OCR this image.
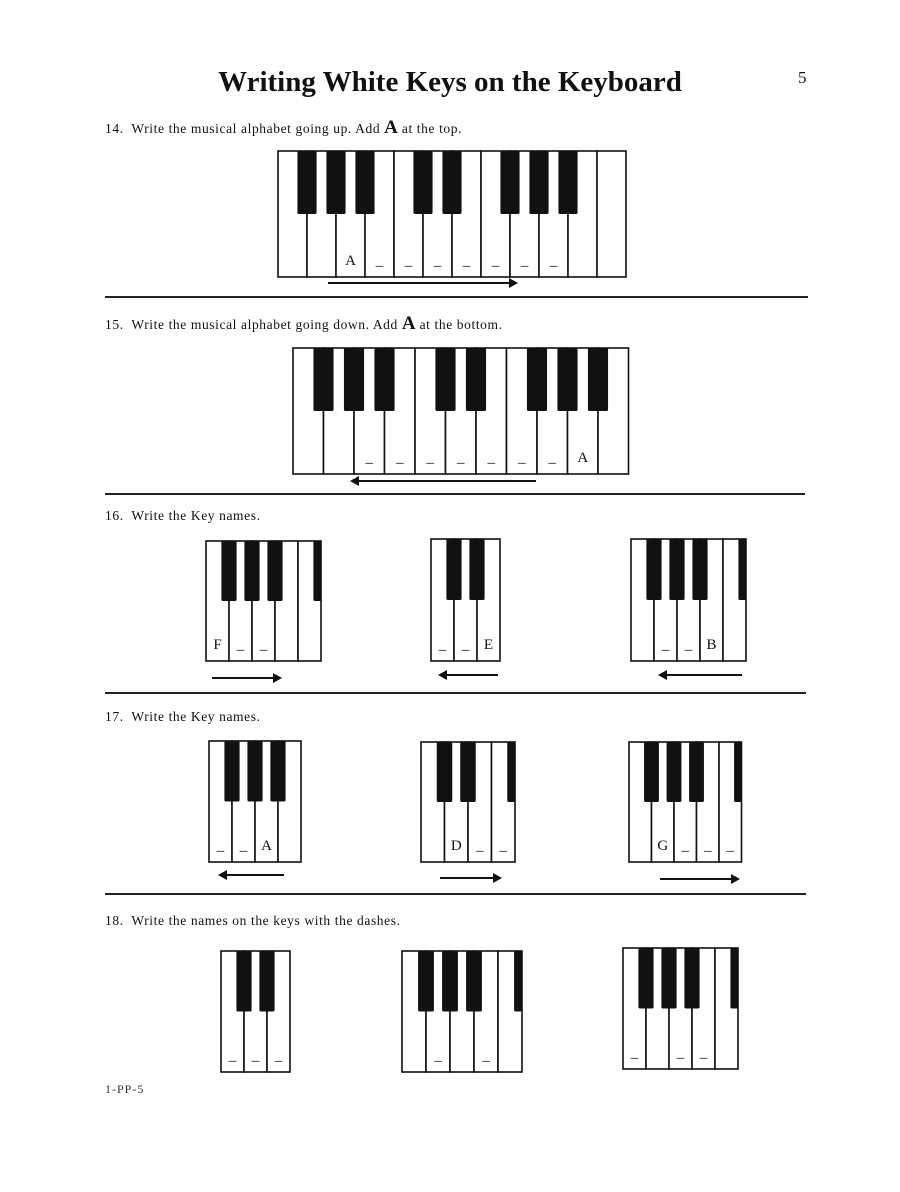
Writing White Keys on the Keyboard	5
14. Write the musical alphabet going up. Add A at the top.
A _ _ _ _ _ _ _
15. Write the musical alphabet going down. Add A at the bottom.
_ _ _ _ _ _ _ A
16. Write the Key names.
F _ _	_ _ E	_ _ B
17. Write the Key names.
_ _ A	D _ _	G _ _ _
18. Write the names on the keys with the dashes.
_ _ _	_	_	_	_ _
1-PP-5
